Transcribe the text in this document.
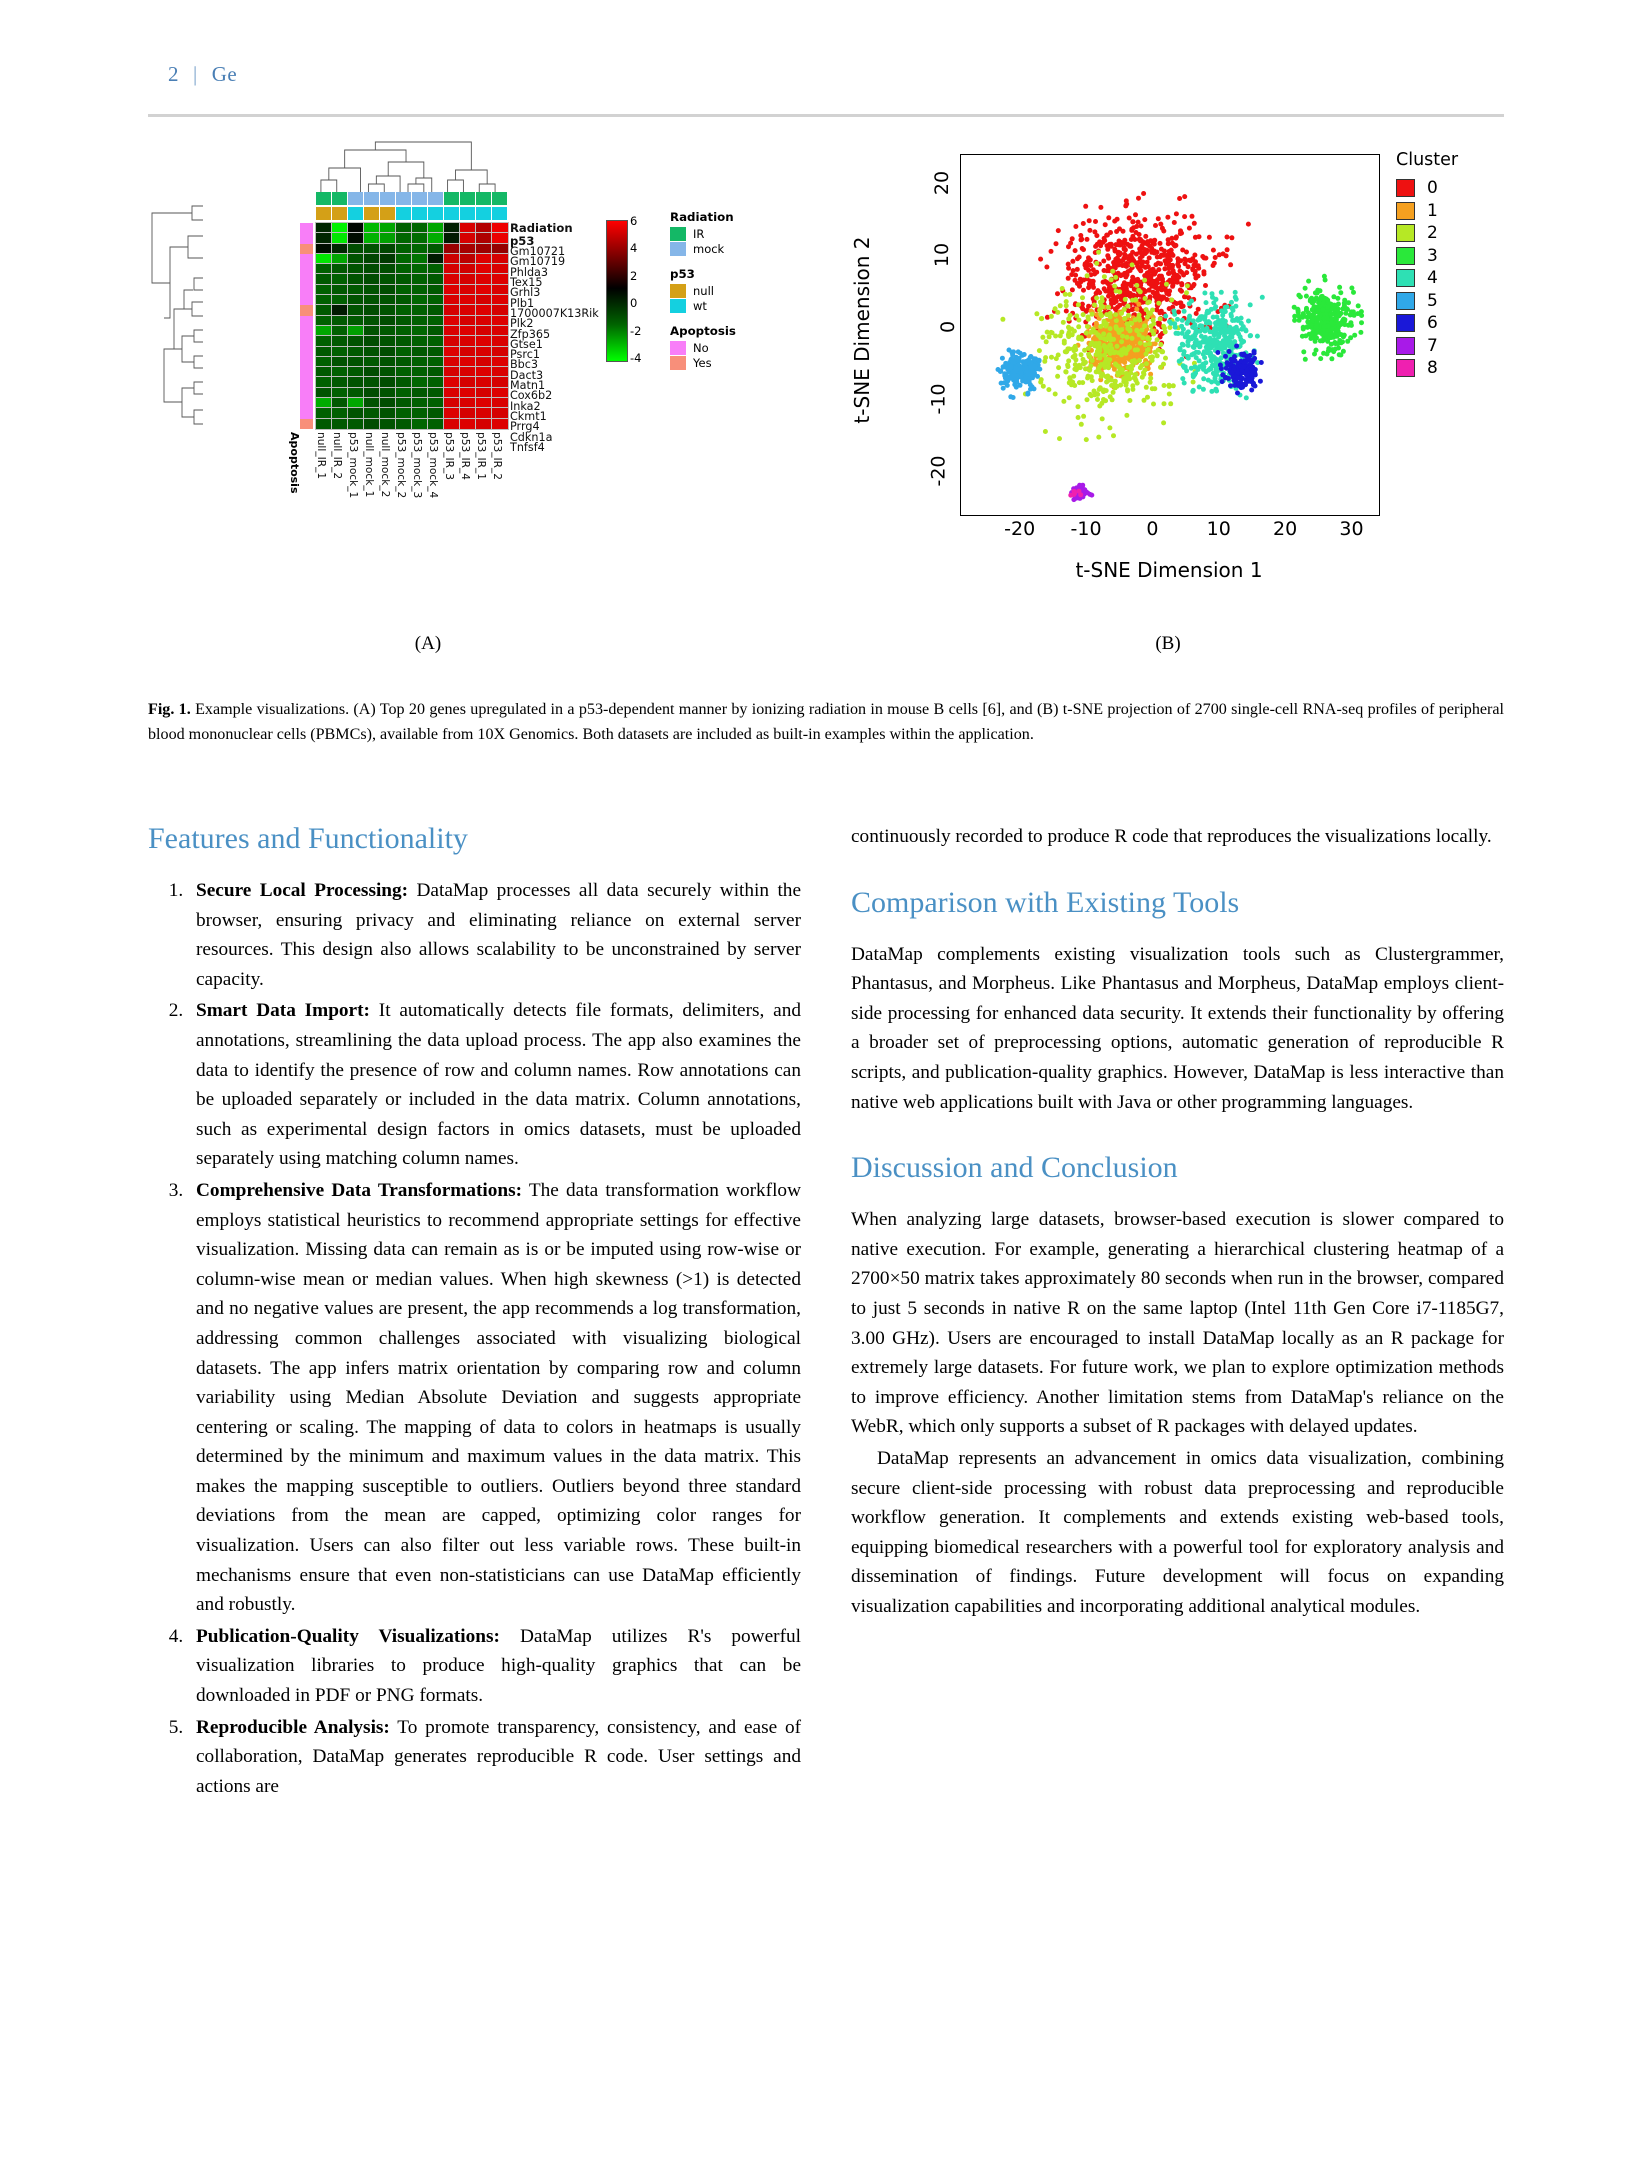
2 | Ge
Radiation
p53
Gm10721
Gm10719
Phlda3
Tex15
Grhl3
Plb1
1700007K13Rik
Plk2
Zfp365
Gtse1
Psrc1
Bbc3
Dact3
Matn1
Cox6b2
Inka2
Ckmt1
Prrg4
Cdkn1a
Tnfsf4
Apoptosis null_IR_1 null_IR_2 p53_mock_1 null_mock_1 null_mock_2 p53_mock_2 p53_mock_3 p53_mock_4 p53_IR_3 p53_IR_4 p53_IR_1 p53_IR_2
6
4
2
0
-2
-4
Radiation
IR
mock
p53
null
wt
Apoptosis
No
Yes
(A)
t-SNE Dimension 2
20
10
0
-10
-20
-20 -10 0	10 20 30
t-SNE Dimension 1
Cluster
0
1
2
3
4
5
6
7
8
(B)
Fig. 1. Example visualizations. (A) Top 20 genes upregulated in a p53-dependent manner by ionizing radiation in mouse B cells [6], and (B) t-SNE projection of 2700 single-cell RNA-seq profiles of peripheral blood mononuclear cells (PBMCs), available from 10X Genomics. Both datasets are included as built-in examples within the application.
Features and Functionality
1. Secure Local Processing: DataMap processes all data securely within the browser, ensuring privacy and eliminating reliance on external server resources. This design also allows scalability to be unconstrained by server capacity.
2. Smart Data Import: It automatically detects file formats, delimiters, and annotations, streamlining the data upload process. The app also examines the data to identify the presence of row and column names. Row annotations can be uploaded separately or included in the data matrix. Column annotations, such as experimental design factors in omics datasets, must be uploaded separately using matching column names.
3. Comprehensive Data Transformations: The data transformation workflow employs statistical heuristics to recommend appropriate settings for effective visualization. Missing data can remain as is or be imputed using row-wise or column-wise mean or median values. When high skewness (>1) is detected and no negative values are present, the app recommends a log transformation, addressing common challenges associated with visualizing biological datasets. The app infers matrix orientation by comparing row and column variability using Median Absolute Deviation and suggests appropriate centering or scaling. The mapping of data to colors in heatmaps is usually determined by the minimum and maximum values in the data matrix. This makes the mapping susceptible to outliers. Outliers beyond three standard deviations from the mean are capped, optimizing color ranges for visualization. Users can also filter out less variable rows. These built-in mechanisms ensure that even non-statisticians can use DataMap efficiently and robustly.
4. Publication-Quality Visualizations: DataMap utilizes R's powerful visualization libraries to produce high-quality graphics that can be downloaded in PDF or PNG formats.
5. Reproducible Analysis: To promote transparency, consistency, and ease of collaboration, DataMap generates reproducible R code. User settings and actions are

continuously recorded to produce R code that reproduces the visualizations locally.

Comparison with Existing Tools

DataMap complements existing visualization tools such as Clustergrammer, Phantasus, and Morpheus. Like Phantasus and Morpheus, DataMap employs client-side processing for enhanced data security. It extends their functionality by offering a broader set of preprocessing options, automatic generation of reproducible R scripts, and publication-quality graphics. However, DataMap is less interactive than native web applications built with Java or other programming languages.

Discussion and Conclusion

When analyzing large datasets, browser-based execution is slower compared to native execution. For example, generating a hierarchical clustering heatmap of a 2700×50 matrix takes approximately 80 seconds when run in the browser, compared to just 5 seconds in native R on the same laptop (Intel 11th Gen Core i7-1185G7, 3.00 GHz). Users are encouraged to install DataMap locally as an R package for extremely large datasets. For future work, we plan to explore optimization methods to improve efficiency. Another limitation stems from DataMap's reliance on the WebR, which only supports a subset of R packages with delayed updates.

DataMap represents an advancement in omics data visualization, combining secure client-side processing with robust data preprocessing and reproducible workflow generation. It complements and extends existing web-based tools, equipping biomedical researchers with a powerful tool for exploratory analysis and dissemination of findings. Future development will focus on expanding visualization capabilities and incorporating additional analytical modules.
